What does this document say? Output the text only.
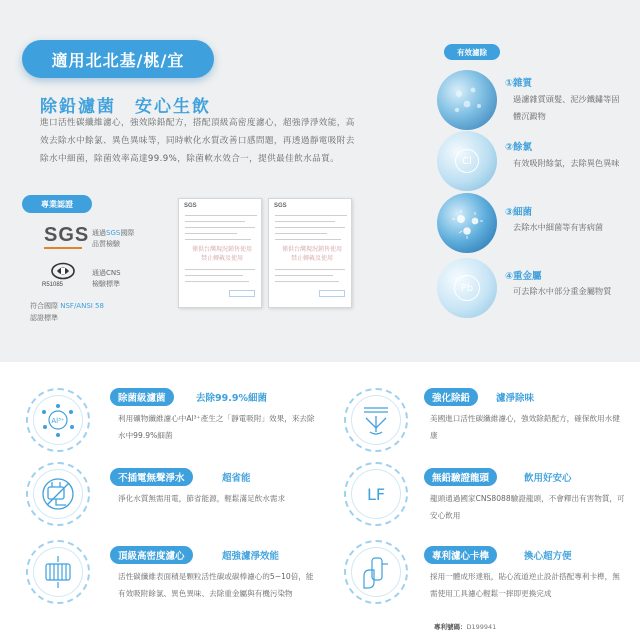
適用北北基/桃/宜
除鉛濾菌　安心生飲
進口活性碳纖維濾心，強效除鉛配方，搭配頂級高密度濾心，超強淨淨效能，高效去除水中餘氯、異色異味等，同時軟化水質改善口感問題，再透過靜電吸附去除水中細菌，除菌效率高達99.9%，除菌軟水效合一，提供最佳飲水品質。
專業認證
SGS 通過SGS國際
品質檢驗
R51085
通過CNS
檢驗標準
符合國際 NSF/ANSI 58
認證標準
SGS
僅供台灣現況銷售使用
禁止轉載及使用
SGS
僅供台灣現況銷售使用
禁止轉載及使用
有效濾除
①雜質
過濾雜質頭髮、泥沙鐵鏽等固體沉澱物
Cl
②餘氯
有效吸附餘氯，去除異色異味
③細菌
去除水中細菌等有害病菌
Pb
④重金屬
可去除水中部分重金屬物質
Al³⁺
除菌級濾菌	去除99.9%細菌
利用礦物纖維濾心中Al³⁺產生之「靜電吸附」效果，來去除水中99.9%細菌
強化除鉛	濾淨除味
美國進口活性碳纖維濾心，強效除鉛配方，確保飲用水健康
不插電無聲淨水	超省能
淨化水質無需用電，節省能源，輕鬆滿足飲水需求	LF
無鉛驗證龍頭	飲用好安心
龍頭通過國家CNS8088驗證龍頭，不會釋出有害物質，可安心飲用
頂級高密度濾心	超強濾淨效能
活性碳纖維表面積是顆粒活性碳或碳棒濾心的5~10倍，能有效吸附餘氯、異色異味、去除重金屬與有機污染物
專利濾心卡榫	換心超方便
採用一體成形達瓶，貼心流道逆止設計搭配專利卡榫，無需使用工具濾心輕鬆一摔即更換完成
專利號碼：D199941
